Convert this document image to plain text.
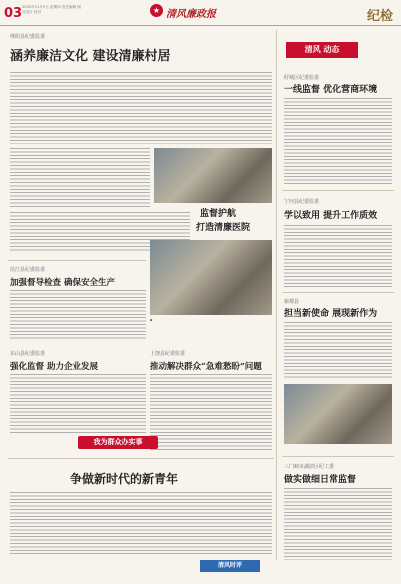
03 2020年11月5日 星期四 责任编辑 版式设计 校对	★ 清风廉政报	纪检
绛阳县纪委监委
涵养廉洁文化 建设清廉村居
监督护航
打造清廉医院
▪
清风 动态
盱城区纪委监委
一线监督 优化营商环境
宁河县纪委监委
学以致用 提升工作质效
新都县
担当新使命 展现新作为
三门峡市湖滨区纪工委
做实做细日常监督
沿江县纪委监委
加强督导检查 确保安全生产
东山县纪委监委
强化监督 助力企业发展
上饶县纪委监委
推动解决群众“急难愁盼”问题
我为群众办实事
争做新时代的新青年
清风时评
